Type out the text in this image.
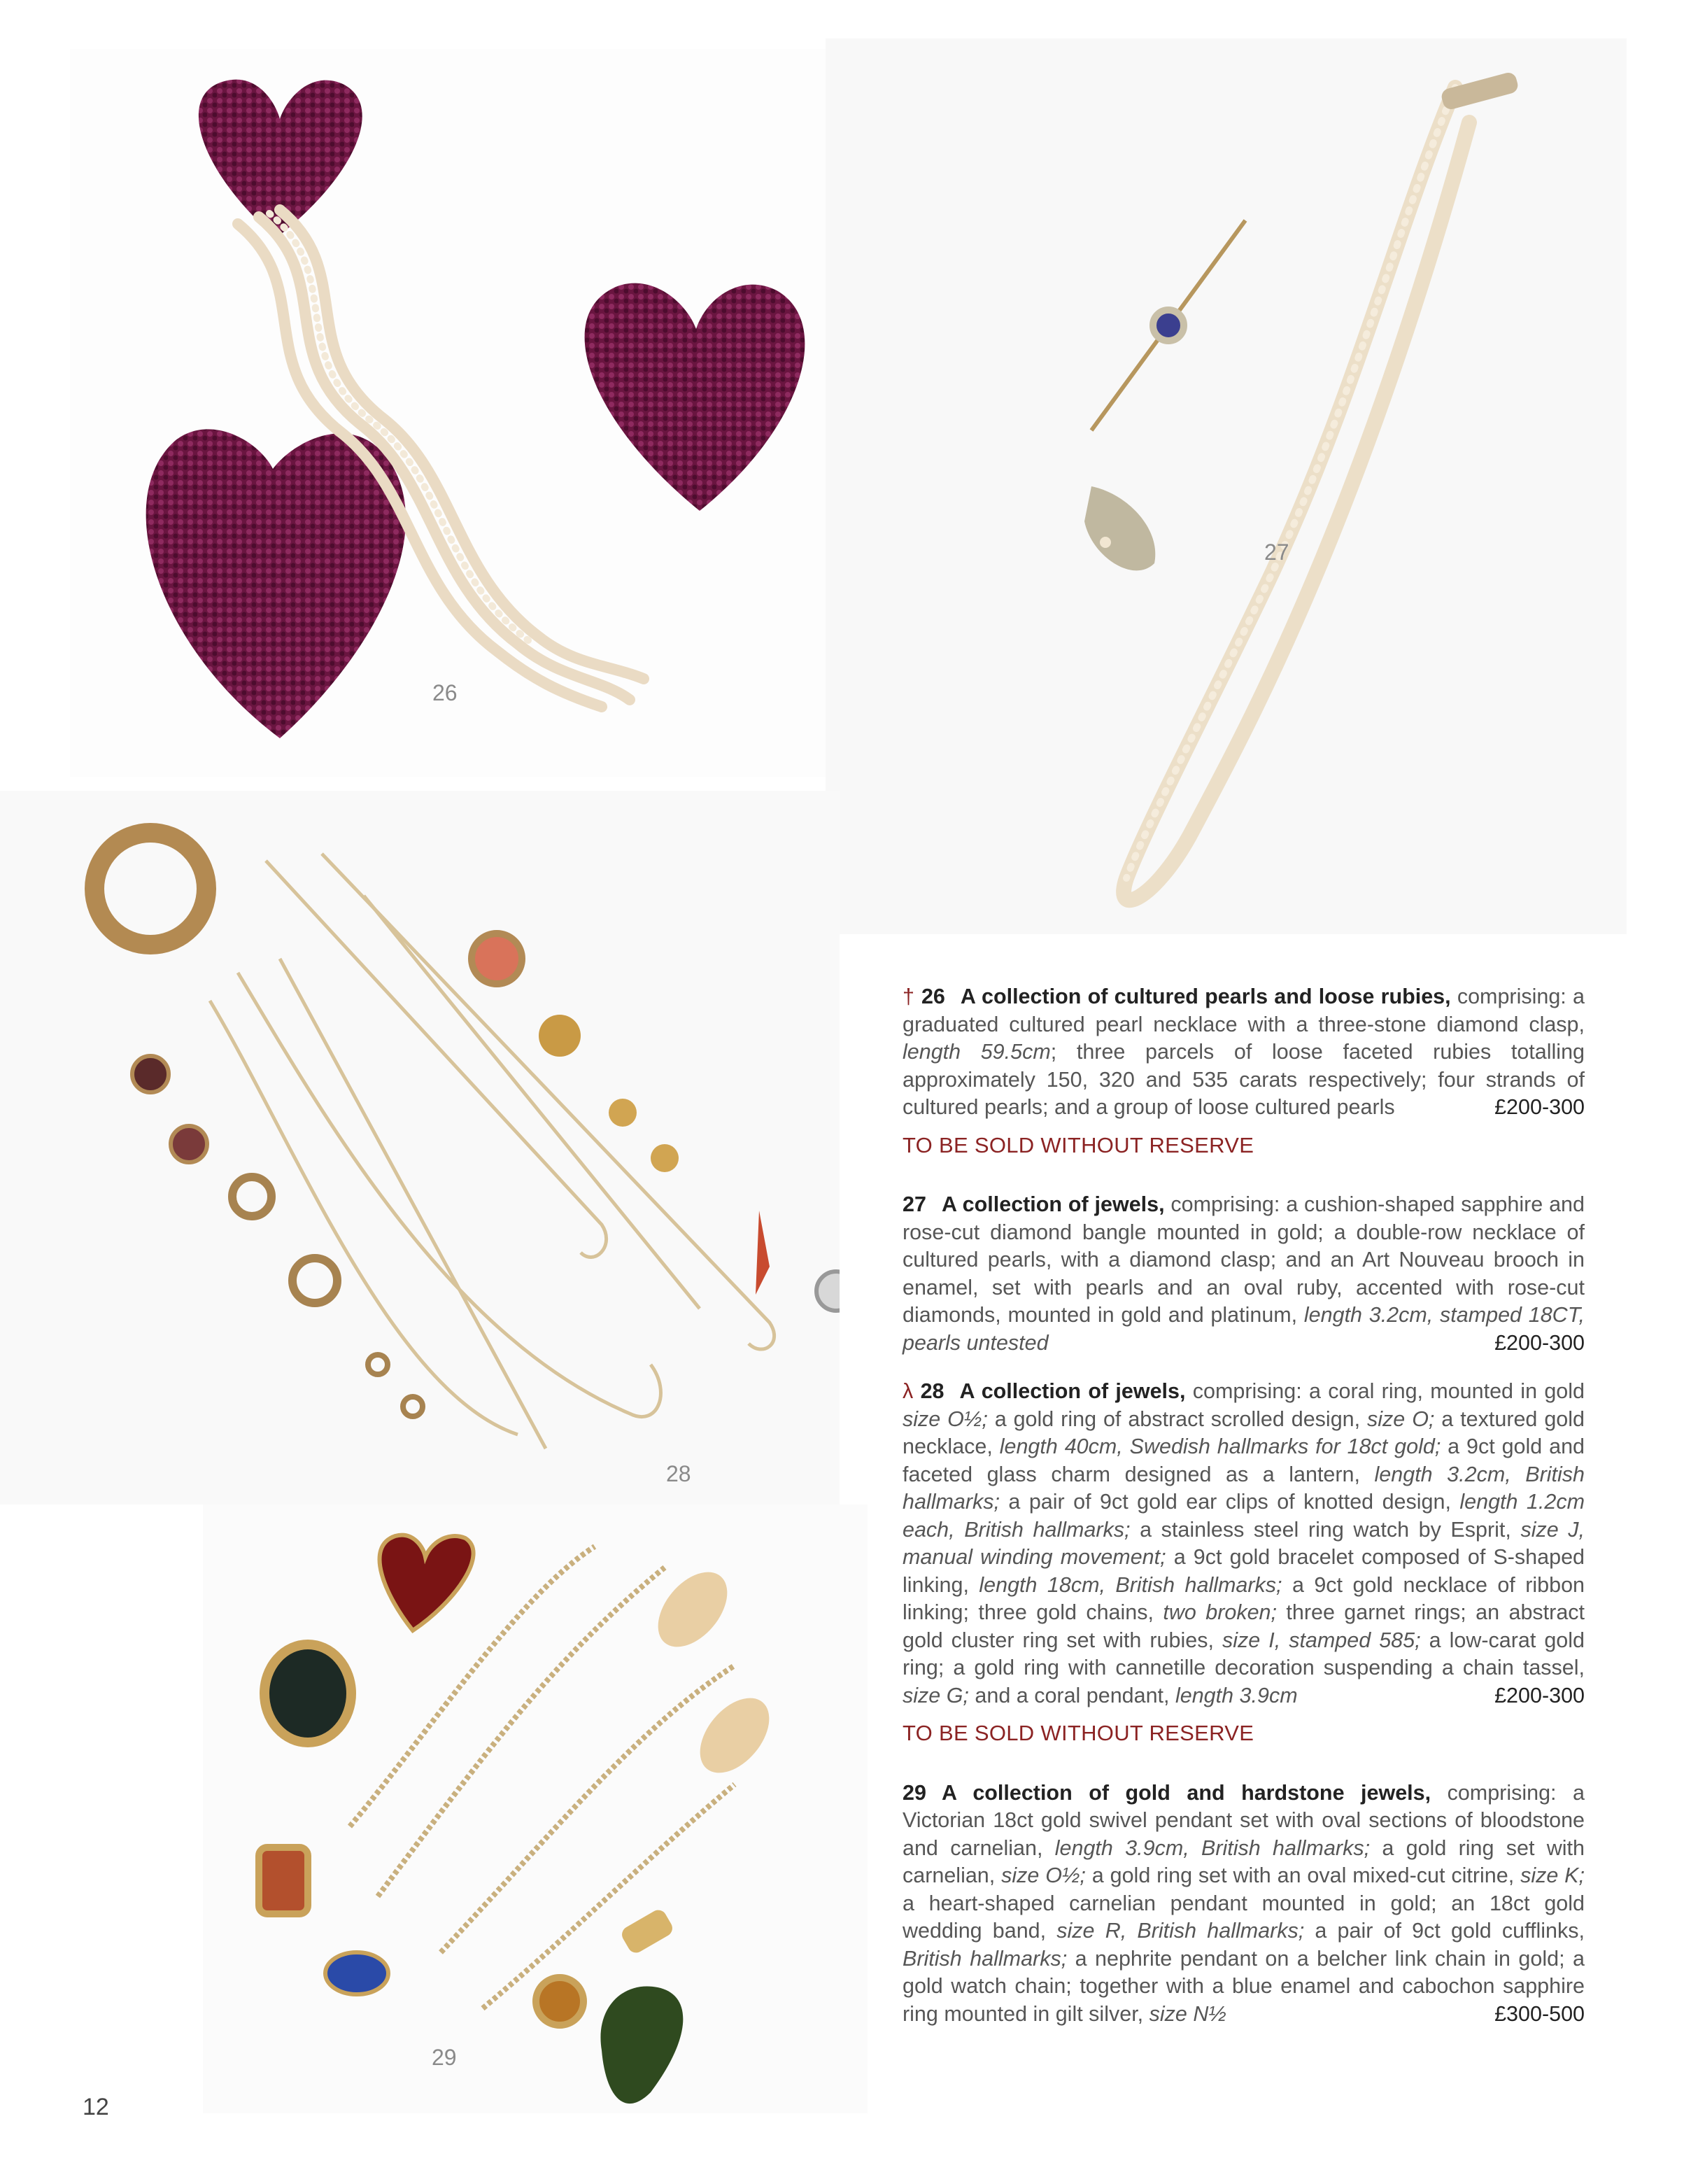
26
27
28
29

† 26 A collection of cultured pearls and loose rubies, comprising: a graduated cultured pearl necklace with a three-stone diamond clasp, length 59.5cm; three parcels of loose faceted rubies totalling approximately 150, 320 and 535 carats respectively; four strands of cultured pearls; and a group of loose cultured pearls	£200-300

TO BE SOLD WITHOUT RESERVE

27 A collection of jewels, comprising: a cushion-shaped sapphire and rose-cut diamond bangle mounted in gold; a double-row necklace of cultured pearls, with a diamond clasp; and an Art Nouveau brooch in enamel, set with pearls and an oval ruby, accented with rose-cut diamonds, mounted in gold and platinum, length 3.2cm, stamped 18CT, pearls untested	£200-300

λ 28 A collection of jewels, comprising: a coral ring, mounted in gold size O½; a gold ring of abstract scrolled design, size O; a textured gold necklace, length 40cm, Swedish hallmarks for 18ct gold; a 9ct gold and faceted glass charm designed as a lantern, length 3.2cm, British hallmarks; a pair of 9ct gold ear clips of knotted design, length 1.2cm each, British hallmarks; a stainless steel ring watch by Esprit, size J, manual winding movement; a 9ct gold bracelet composed of S-shaped linking, length 18cm, British hallmarks; a 9ct gold necklace of ribbon linking; three gold chains, two broken; three garnet rings; an abstract gold cluster ring set with rubies, size I, stamped 585; a low-carat gold ring; a gold ring with cannetille decoration suspending a chain tassel, size G; and a coral pendant, length 3.9cm	£200-300

TO BE SOLD WITHOUT RESERVE

29 A collection of gold and hardstone jewels, comprising: a Victorian 18ct gold swivel pendant set with oval sections of bloodstone and carnelian, length 3.9cm, British hallmarks; a gold ring set with carnelian, size O½; a gold ring set with an oval mixed-cut citrine, size K; a heart-shaped carnelian pendant mounted in gold; an 18ct gold wedding band, size R, British hallmarks; a pair of 9ct gold cufflinks, British hallmarks; a nephrite pendant on a belcher link chain in gold; a gold watch chain; together with a blue enamel and cabochon sapphire ring mounted in gilt silver, size N½	£300-500

12
